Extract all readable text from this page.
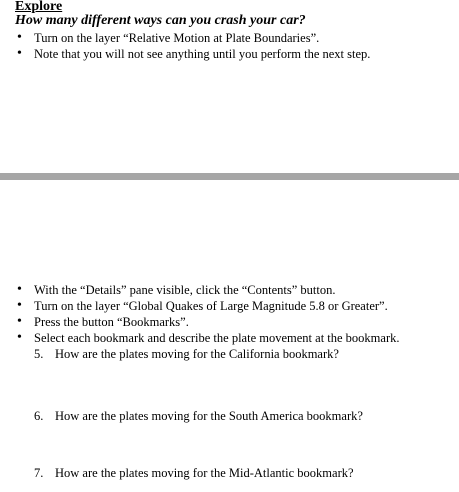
Explore
How many different ways can you crash your car?
• Turn on the layer “Relative Motion at Plate Boundaries”.
• Note that you will not see anything until you perform the next step.
• With the “Details” pane visible, click the “Contents” button.
• Turn on the layer “Global Quakes of Large Magnitude 5.8 or Greater”.
• Press the button “Bookmarks”.
• Select each bookmark and describe the plate movement at the bookmark.
5. How are the plates moving for the California bookmark?
6. How are the plates moving for the South America bookmark?
7. How are the plates moving for the Mid-Atlantic bookmark?
